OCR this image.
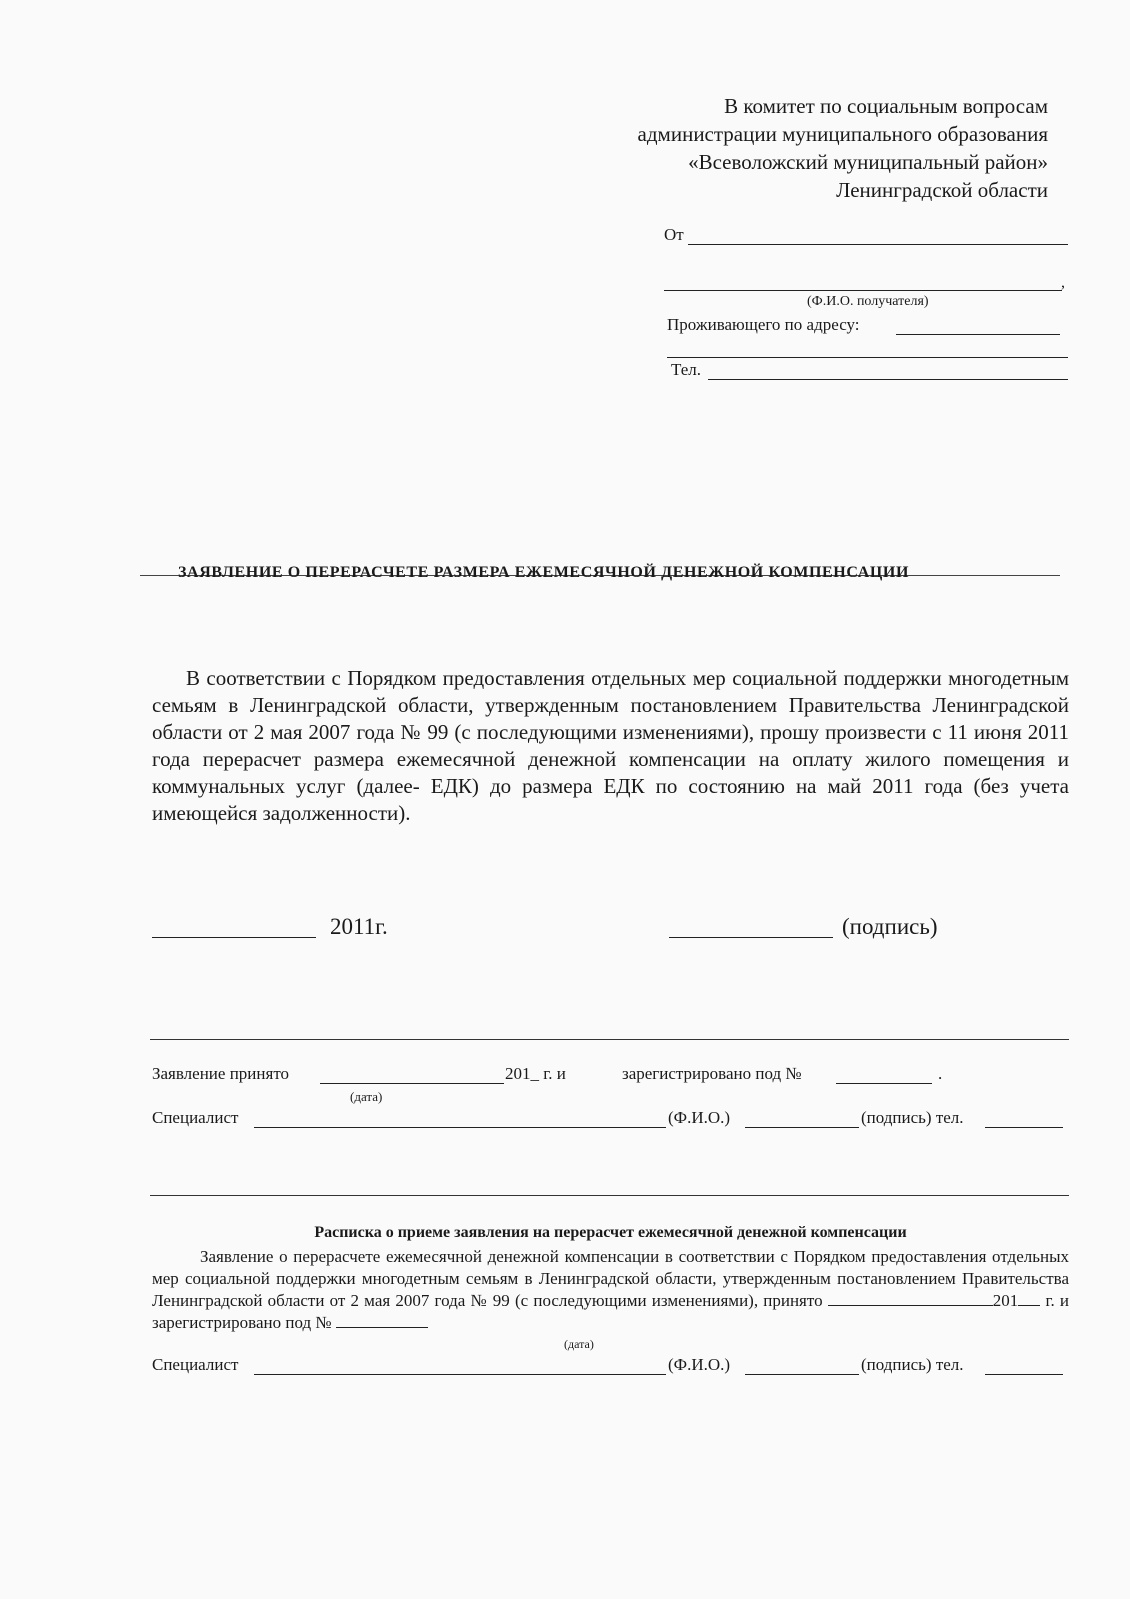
В комитет по социальным вопросам
администрации муниципального образования
«Всеволожский муниципальный район»
Ленинградской области
От
,
(Ф.И.О. получателя)
Проживающего по адресу:
Тел.
ЗАЯВЛЕНИЕ О ПЕРЕРАСЧЕТЕ РАЗМЕРА ЕЖЕМЕСЯЧНОЙ ДЕНЕЖНОЙ КОМПЕНСАЦИИ
В соответствии с Порядком предоставления отдельных мер социальной поддержки многодетным семьям в Ленинградской области, утвержденным постановлением Правительства Ленинградской области от 2 мая 2007 года № 99 (с последующими изменениями), прошу произвести с 11 июня 2011 года перерасчет размера ежемесячной денежной компенсации на оплату жилого помещения и коммунальных услуг (далее- ЕДК) до размера ЕДК по состоянию на май 2011 года (без учета имеющейся задолженности).
2011г.	(подпись)
Заявление принято	201_ г. и	зарегистрировано под №	.
(дата)
Специалист	(Ф.И.О.)	(подпись) тел.
Расписка о приеме заявления на перерасчет ежемесячной денежной компенсации
Заявление о перерасчете ежемесячной денежной компенсации в соответствии с Порядком предоставления отдельных мер социальной поддержки многодетным семьям в Ленинградской области, утвержденным постановлением Правительства Ленинградской области от 2 мая 2007 года № 99 (с последующими изменениями), принято	201 г. и зарегистрировано под №
(дата)
Специалист	(Ф.И.О.)	(подпись) тел.
